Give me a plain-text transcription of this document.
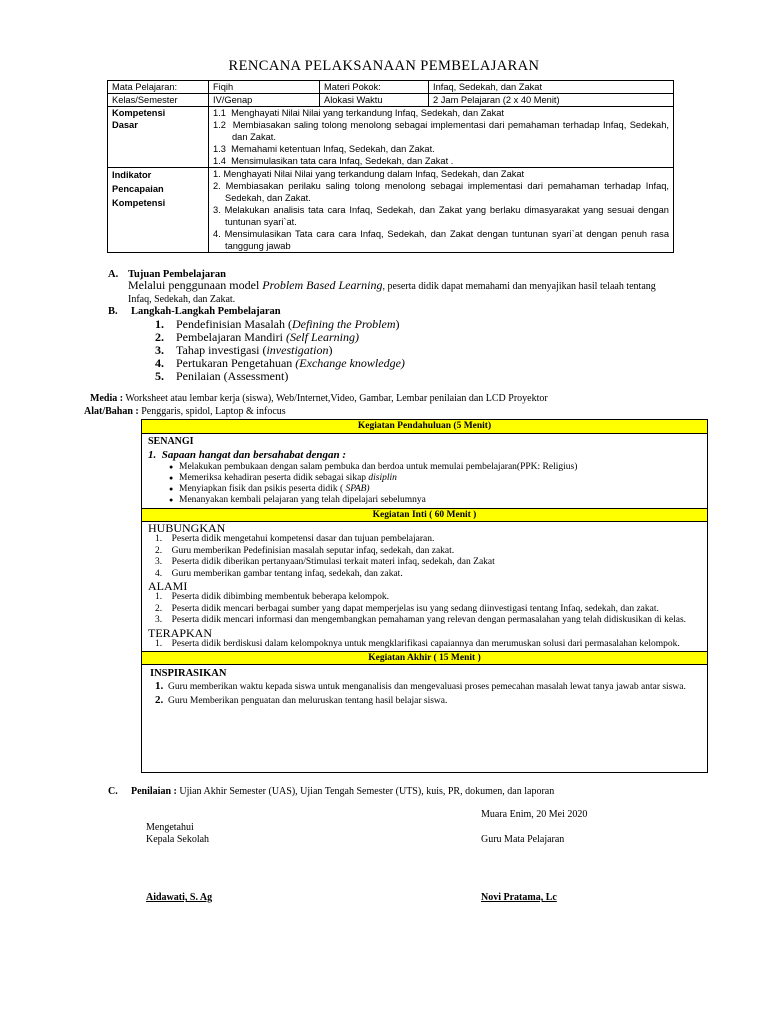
RENCANA PELAKSANAAN PEMBELAJARAN
Mata Pelajaran:	Fiqih	Materi Pokok:	Infaq, Sedekah, dan Zakat
Kelas/Semester	IV/Genap	Alokasi Waktu	2 Jam Pelajaran (2 x 40 Menit)

Kompetensi Dasar	1.1 Menghayati Nilai Nilai yang terkandung Infaq, Sedekah, dan Zakat
1.2 Membiasakan saling tolong menolong sebagai implementasi dari pemahaman terhadap Infaq, Sedekah, dan Zakat.
1.3 Memahami ketentuan Infaq, Sedekah, dan Zakat.
1.4 Mensimulasikan tata cara Infaq, Sedekah, dan Zakat .		

Indikator Pencapaian Kompetensi	1. Menghayati Nilai Nilai yang terkandung dalam Infaq, Sedekah, dan Zakat
2. Membiasakan perilaku saling tolong menolong sebagai implementasi dari pemahaman terhadap Infaq, Sedekah, dan Zakat.
3. Melakukan analisis tata cara Infaq, Sedekah, dan Zakat yang berlaku dimasyarakat yang sesuai dengan tuntunan syari`at.
4. Mensimulasikan Tata cara cara Infaq, Sedekah, dan Zakat dengan tuntunan syari`at dengan penuh rasa tanggung jawab		
A. Tujuan Pembelajaran
Melalui penggunaan model Problem Based Learning, peserta didik dapat memahami dan menyajikan hasil telaah tentang Infaq, Sedekah, dan Zakat.
B. Langkah-Langkah Pembelajaran
1. Pendefinisian Masalah (Defining the Problem)
2. Pembelajaran Mandiri (Self Learning)
3. Tahap investigasi (investigation)
4. Pertukaran Pengetahuan (Exchange knowledge)
5. Penilaian (Assessment)
Media : Worksheet atau lembar kerja (siswa), Web/Internet,Video, Gambar, Lembar penilaian dan LCD Proyektor
Alat/Bahan : Penggaris, spidol, Laptop & infocus
Kegiatan Pendahuluan (5 Menit)
SENANGI
1. Sapaan hangat dan bersahabat dengan :
● Melakukan pembukaan dengan salam pembuka dan berdoa untuk memulai pembelajaran(PPK: Religius)
● Memeriksa kehadiran peserta didik sebagai sikap disiplin
● Menyiapkan fisik dan psikis peserta didik ( SPAB)
● Menanyakan kembali pelajaran yang telah dipelajari sebelumnya
Kegiatan Inti ( 60 Menit )
HUBUNGKAN
1. Peserta didik mengetahui kompetensi dasar dan tujuan pembelajaran.
2. Guru memberikan Pedefinisian masalah seputar infaq, sedekah, dan zakat.
3. Peserta didik diberikan pertanyaan/Stimulasi terkait materi infaq, sedekah, dan Zakat
4. Guru memberikan gambar tentang infaq, sedekah, dan zakat.
ALAMI
1. Peserta didik dibimbing membentuk beberapa kelompok.
2. Peserta didik mencari berbagai sumber yang dapat memperjelas isu yang sedang diinvestigasi tentang Infaq, sedekah, dan zakat.
3. Peserta didik mencari informasi dan mengembangkan pemahaman yang relevan dengan permasalahan yang telah didiskusikan di kelas.
TERAPKAN
1. Peserta didik berdiskusi dalam kelompoknya untuk mengklarifikasi capaiannya dan merumuskan solusi dari permasalahan kelompok.
Kegiatan Akhir ( 15 Menit )
INSPIRASIKAN
1. Guru memberikan waktu kepada siswa untuk menganalisis dan mengevaluasi proses pemecahan masalah lewat tanya jawab antar siswa.
2. Guru Memberikan penguatan dan meluruskan tentang hasil belajar siswa.
C. Penilaian : Ujian Akhir Semester (UAS), Ujian Tengah Semester (UTS), kuis, PR, dokumen, dan laporan
Muara Enim, 20 Mei 2020
Mengetahui
Kepala Sekolah	Guru Mata Pelajaran
Aidawati, S. Ag	Novi Pratama, Lc
